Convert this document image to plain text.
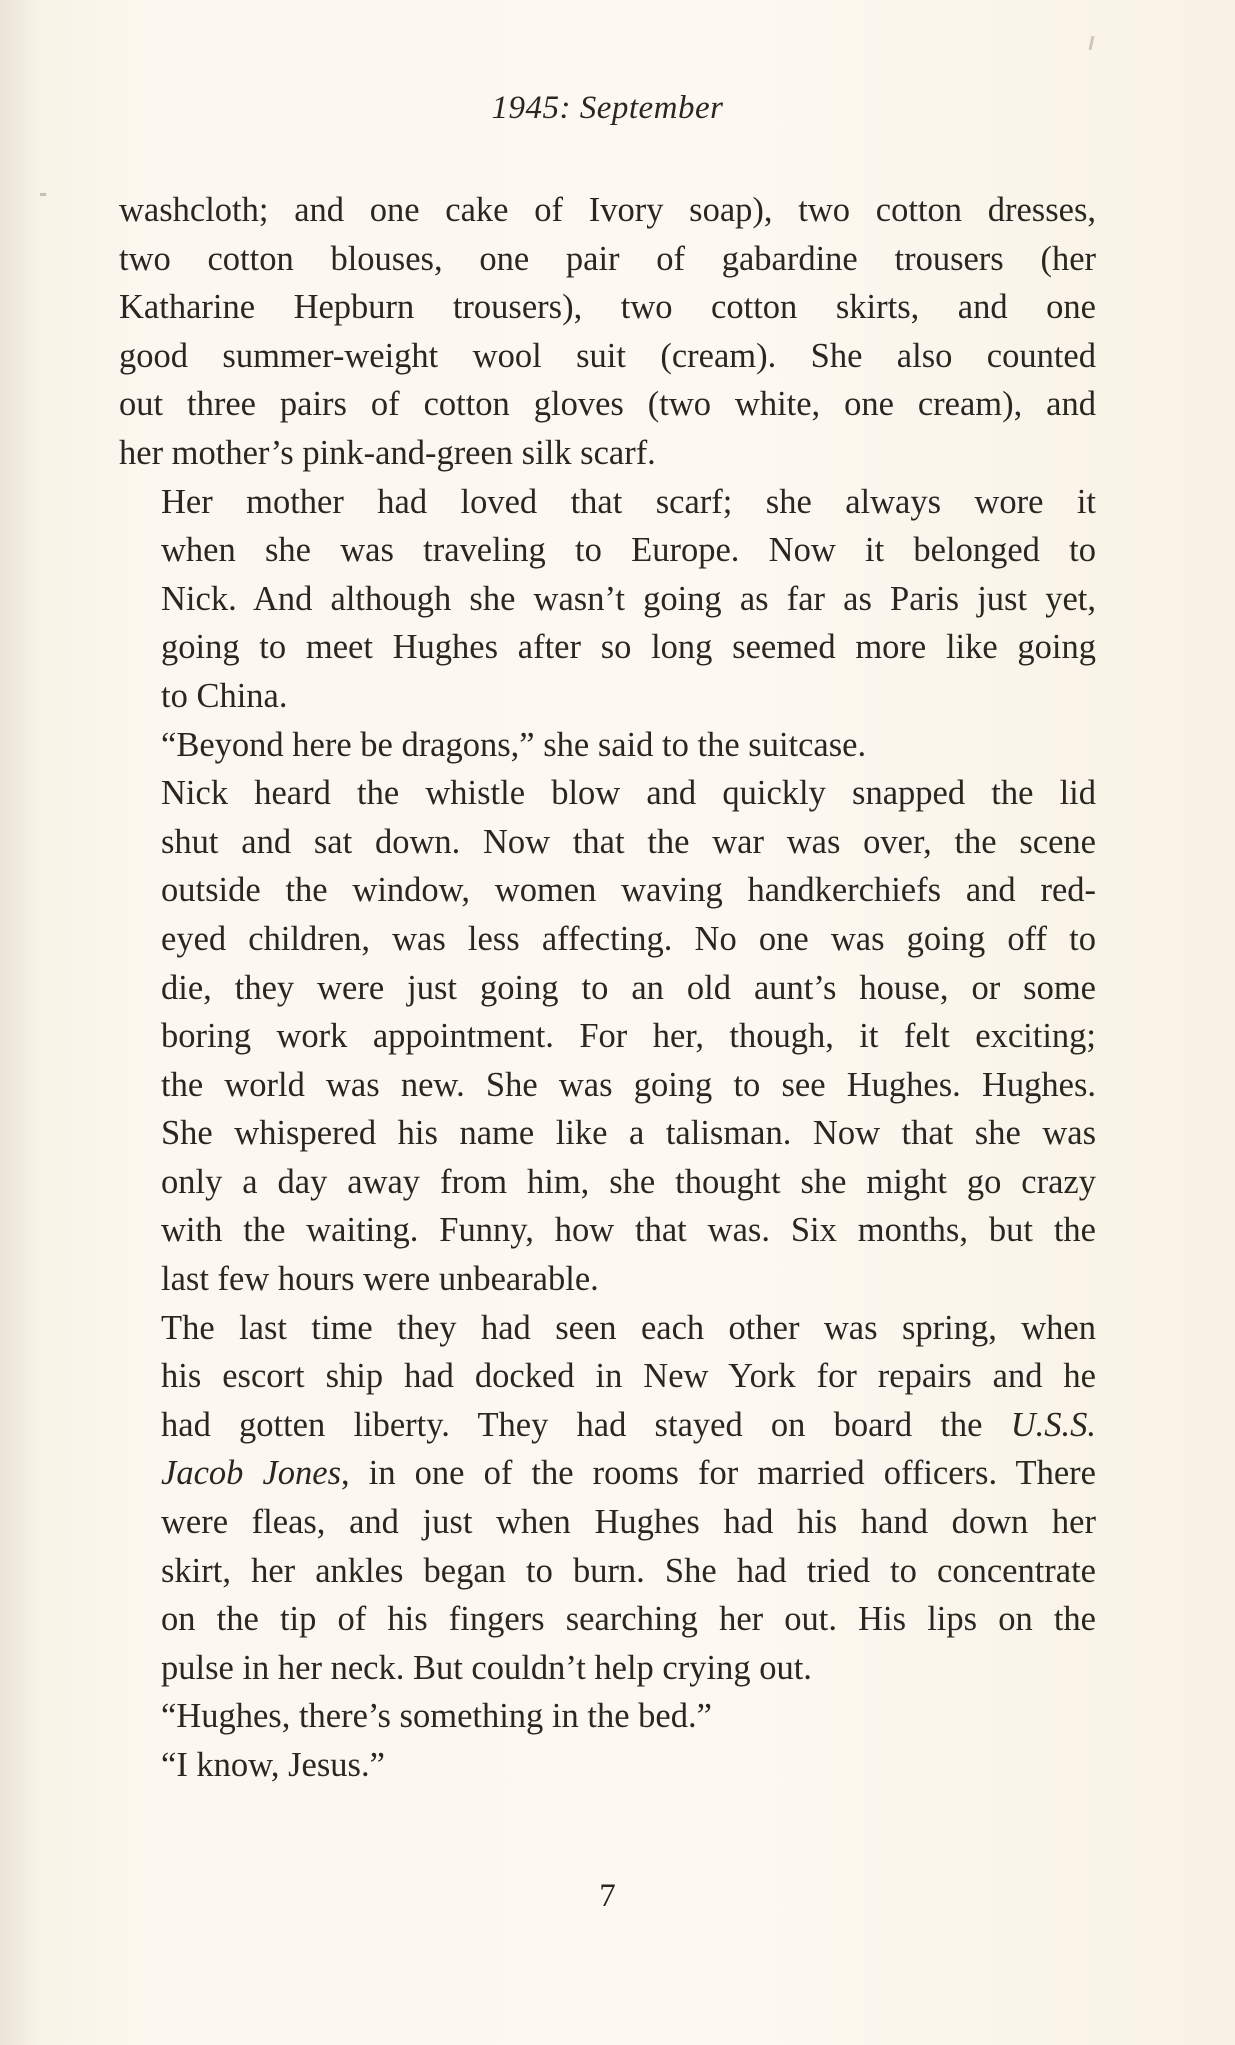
1945: September

washcloth; and one cake of Ivory soap), two cotton dresses,
two cotton blouses, one pair of gabardine trousers (her
Katharine Hepburn trousers), two cotton skirts, and one
good summer-weight wool suit (cream). She also counted
out three pairs of cotton gloves (two white, one cream), and
her mother’s pink-and-green silk scarf.

Her mother had loved that scarf; she always wore it
when she was traveling to Europe. Now it belonged to
Nick. And although she wasn’t going as far as Paris just yet,
going to meet Hughes after so long seemed more like going
to China.

“Beyond here be dragons,” she said to the suitcase.

Nick heard the whistle blow and quickly snapped the lid
shut and sat down. Now that the war was over, the scene
outside the window, women waving handkerchiefs and red-
eyed children, was less affecting. No one was going off to
die, they were just going to an old aunt’s house, or some
boring work appointment. For her, though, it felt exciting;
the world was new. She was going to see Hughes. Hughes.
She whispered his name like a talisman. Now that she was
only a day away from him, she thought she might go crazy
with the waiting. Funny, how that was. Six months, but the
last few hours were unbearable.

The last time they had seen each other was spring, when
his escort ship had docked in New York for repairs and he
had gotten liberty. They had stayed on board the U.S.S.
Jacob Jones, in one of the rooms for married officers. There
were fleas, and just when Hughes had his hand down her
skirt, her ankles began to burn. She had tried to concentrate
on the tip of his fingers searching her out. His lips on the
pulse in her neck. But couldn’t help crying out.

“Hughes, there’s something in the bed.”

“I know, Jesus.”

7
